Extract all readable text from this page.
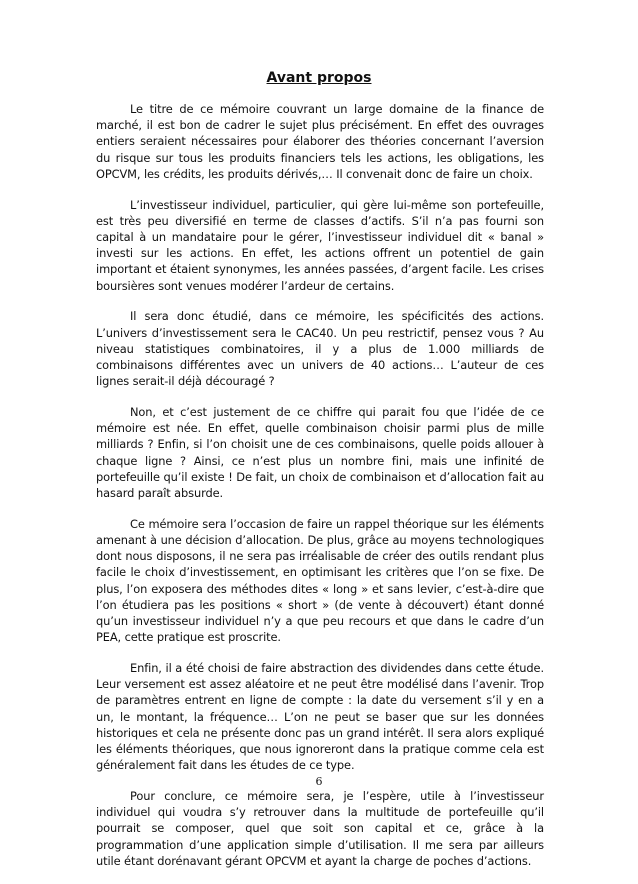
Avant propos

Le titre de ce mémoire couvrant un large domaine de la finance de marché, il est bon de cadrer le sujet plus précisément. En effet des ouvrages entiers seraient nécessaires pour élaborer des théories concernant l’aversion du risque sur tous les produits financiers tels les actions, les obligations, les OPCVM, les crédits, les produits dérivés,… Il convenait donc de faire un choix.

L’investisseur individuel, particulier, qui gère lui-même son portefeuille, est très peu diversifié en terme de classes d’actifs. S’il n’a pas fourni son capital à un mandataire pour le gérer, l’investisseur individuel dit « banal » investi sur les actions. En effet, les actions offrent un potentiel de gain important et étaient synonymes, les années passées, d’argent facile. Les crises boursières sont venues modérer l’ardeur de certains.

Il sera donc étudié, dans ce mémoire, les spécificités des actions. L’univers d’investissement sera le CAC40. Un peu restrictif, pensez vous ? Au niveau statistiques combinatoires, il y a plus de 1.000 milliards de combinaisons différentes avec un univers de 40 actions… L’auteur de ces lignes serait-il déjà découragé ?

Non, et c’est justement de ce chiffre qui parait fou que l’idée de ce mémoire est née. En effet, quelle combinaison choisir parmi plus de mille milliards ? Enfin, si l’on choisit une de ces combinaisons, quelle poids allouer à chaque ligne ? Ainsi, ce n’est plus un nombre fini, mais une infinité de portefeuille qu’il existe ! De fait, un choix de combinaison et d’allocation fait au hasard paraît absurde.

Ce mémoire sera l’occasion de faire un rappel théorique sur les éléments amenant à une décision d’allocation. De plus, grâce au moyens technologiques dont nous disposons, il ne sera pas irréalisable de créer des outils rendant plus facile le choix d’investissement, en optimisant les critères que l’on se fixe. De plus, l’on exposera des méthodes dites « long » et sans levier, c’est-à-dire que l’on étudiera pas les positions « short » (de vente à découvert) étant donné qu’un investisseur individuel n’y a que peu recours et que dans le cadre d’un PEA, cette pratique est proscrite.

Enfin, il a été choisi de faire abstraction des dividendes dans cette étude. Leur versement est assez aléatoire et ne peut être modélisé dans l’avenir. Trop de paramètres entrent en ligne de compte : la date du versement s’il y en a un, le montant, la fréquence… L’on ne peut se baser que sur les données historiques et cela ne présente donc pas un grand intérêt. Il sera alors expliqué les éléments théoriques, que nous ignoreront dans la pratique comme cela est généralement fait dans les études de ce type.

Pour conclure, ce mémoire sera, je l’espère, utile à l’investisseur individuel qui voudra s’y retrouver dans la multitude de portefeuille qu’il pourrait se composer, quel que soit son capital et ce, grâce à la programmation d’une application simple d’utilisation. Il me sera par ailleurs utile étant dorénavant gérant OPCVM et ayant la charge de poches d’actions.

6
